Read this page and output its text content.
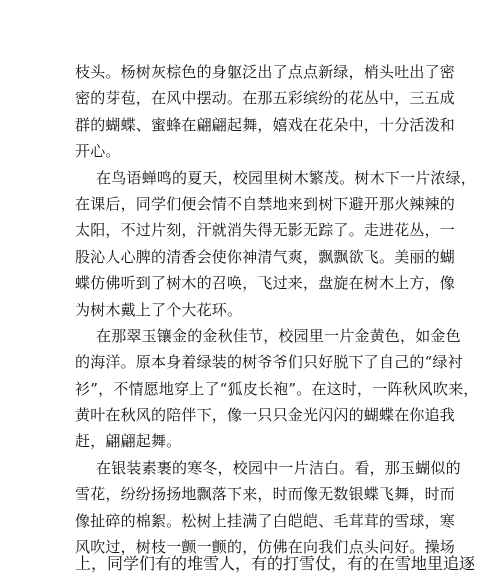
枝头。杨树灰棕色的身躯泛出了点点新绿，梢头吐出了密
密的芽苞，在风中摆动。在那五彩缤纷的花丛中，三五成
群的蝴蝶、蜜蜂在翩翩起舞，嬉戏在花朵中，十分活泼和
开心。
在鸟语蝉鸣的夏天，校园里树木繁茂。树木下一片浓绿，
在课后，同学们便会情不自禁地来到树下避开那火辣辣的
太阳，不过片刻，汗就消失得无影无踪了。走进花丛，一
股沁人心脾的清香会使你神清气爽，飘飘欲飞。美丽的蝴
蝶仿佛听到了树木的召唤，飞过来，盘旋在树木上方，像
为树木戴上了个大花环。
在那翠玉镶金的金秋佳节，校园里一片金黄色，如金色
的海洋。原本身着绿装的树爷爷们只好脱下了自己的“绿衬
衫”，不情愿地穿上了“狐皮长袍”。在这时，一阵秋风吹来，
黄叶在秋风的陪伴下，像一只只金光闪闪的蝴蝶在你追我
赶，翩翩起舞。
在银装素裹的寒冬，校园中一片洁白。看，那玉蝴似的
雪花，纷纷扬扬地飘落下来，时而像无数银蝶飞舞，时而
像扯碎的棉絮。松树上挂满了白皑皑、毛茸茸的雪球，寒
风吹过，树枝一颤一颤的，仿佛在向我们点头问好。操场
上，同学们有的堆雪人，有的打雪仗，有的在雪地里追逐
